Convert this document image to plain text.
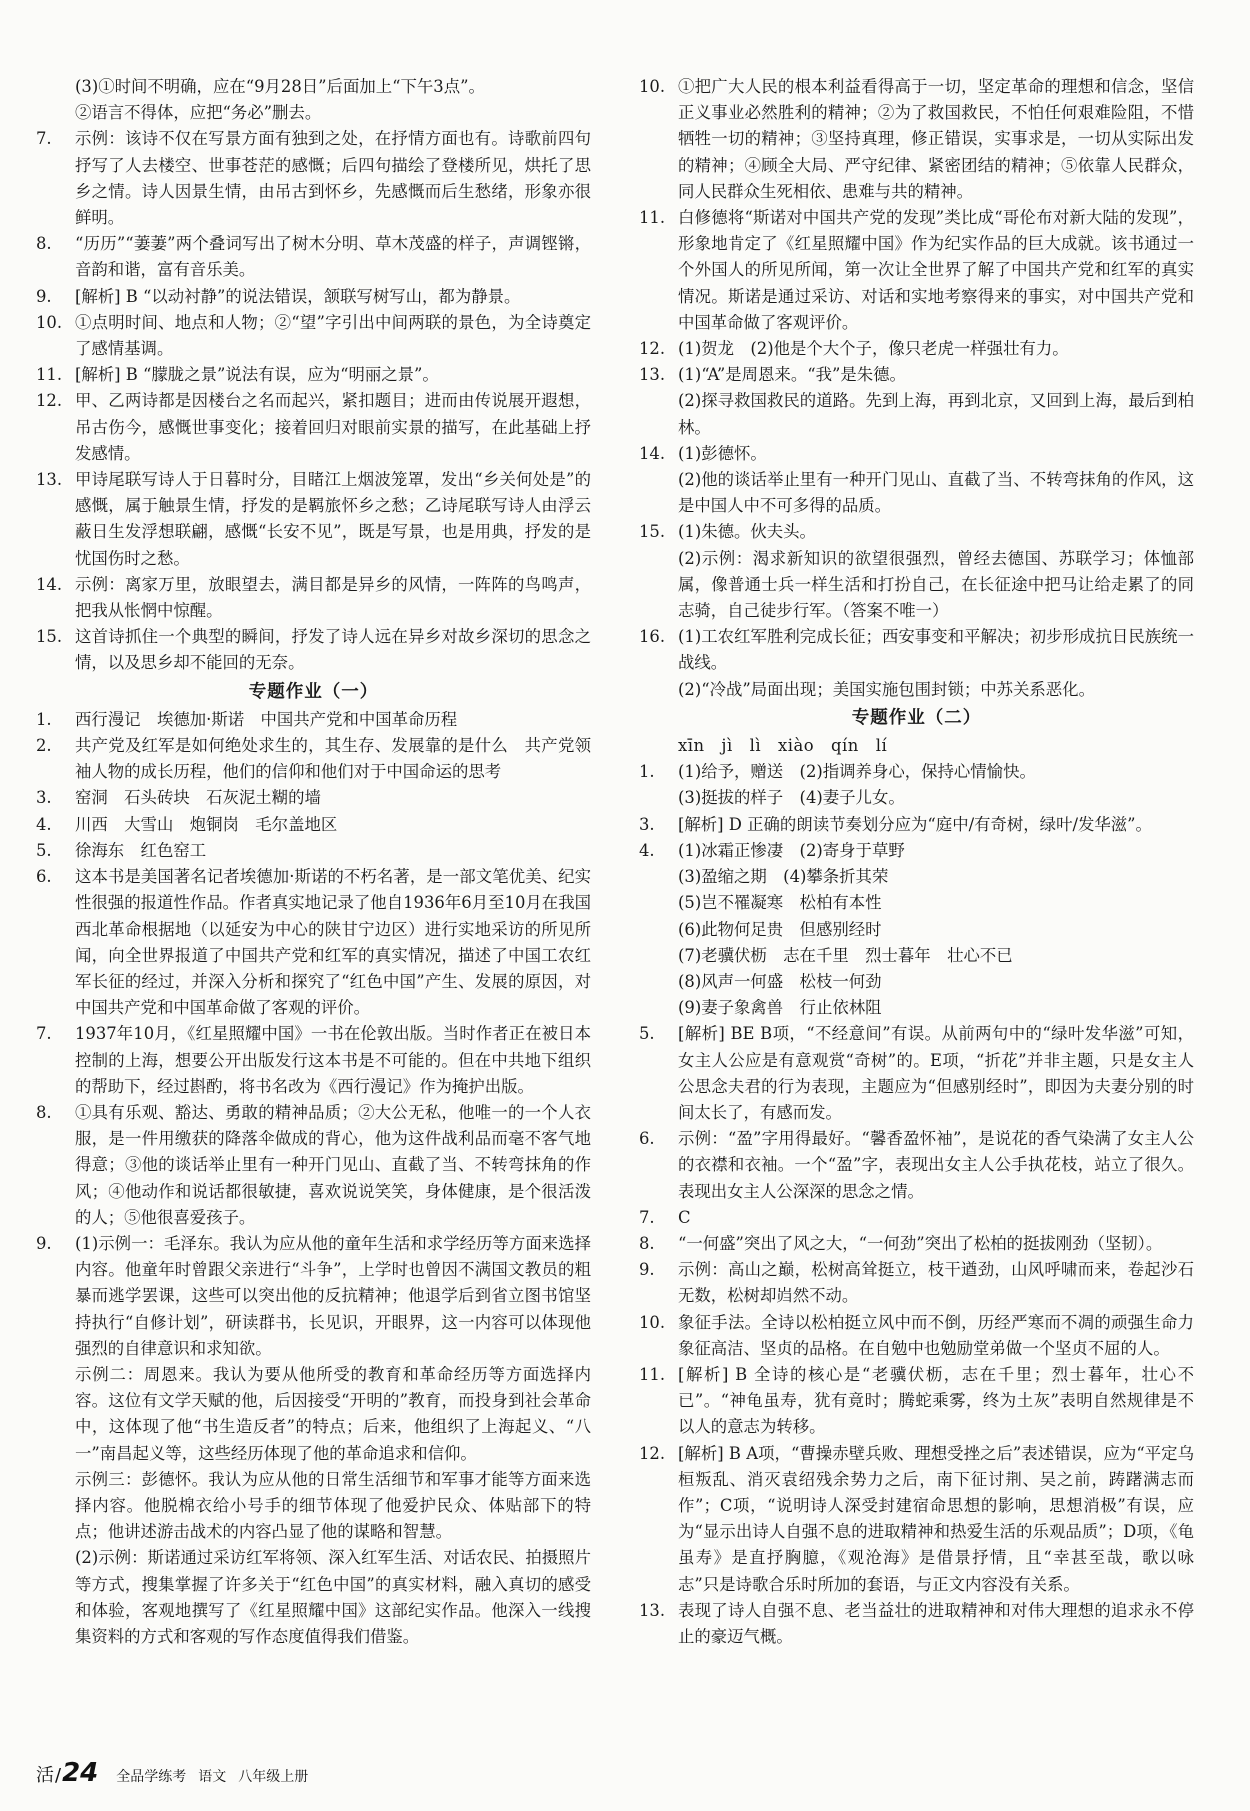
(3)①时间不明确，应在“9月28日”后面加上“下午3点”。
②语言不得体，应把“务必”删去。
7.	示例：该诗不仅在写景方面有独到之处，在抒情方面也有。诗歌前四句抒写了人去楼空、世事苍茫的感慨；后四句描绘了登楼所见，烘托了思乡之情。诗人因景生情，由吊古到怀乡，先感慨而后生愁绪，形象亦很鲜明。
8.	“历历”“萋萋”两个叠词写出了树木分明、草木茂盛的样子，声调铿锵，音韵和谐，富有音乐美。
9.	[解析] B “以动衬静”的说法错误，颔联写树写山，都为静景。
10. ①点明时间、地点和人物；②“望”字引出中间两联的景色，为全诗奠定了感情基调。
11. [解析] B “朦胧之景”说法有误，应为“明丽之景”。
12. 甲、乙两诗都是因楼台之名而起兴，紧扣题目；进而由传说展开遐想，吊古伤今，感慨世事变化；接着回归对眼前实景的描写，在此基础上抒发感情。
13. 甲诗尾联写诗人于日暮时分，目睹江上烟波笼罩，发出“乡关何处是”的感慨，属于触景生情，抒发的是羁旅怀乡之愁；乙诗尾联写诗人由浮云蔽日生发浮想联翩，感慨“长安不见”，既是写景，也是用典，抒发的是忧国伤时之愁。
14. 示例：离家万里，放眼望去，满目都是异乡的风情，一阵阵的鸟鸣声，把我从怅惘中惊醒。
15. 这首诗抓住一个典型的瞬间，抒发了诗人远在异乡对故乡深切的思念之情，以及思乡却不能回的无奈。
专题作业（一）
1.	西行漫记　埃德加·斯诺　中国共产党和中国革命历程
2.	共产党及红军是如何绝处求生的，其生存、发展靠的是什么　共产党领袖人物的成长历程，他们的信仰和他们对于中国命运的思考
3.	窑洞　石头砖块　石灰泥土糊的墙
4.	川西　大雪山　炮铜岗　毛尔盖地区
5.	徐海东　红色窑工
6.	这本书是美国著名记者埃德加·斯诺的不朽名著，是一部文笔优美、纪实性很强的报道性作品。作者真实地记录了他自1936年6月至10月在我国西北革命根据地（以延安为中心的陕甘宁边区）进行实地采访的所见所闻，向全世界报道了中国共产党和红军的真实情况，描述了中国工农红军长征的经过，并深入分析和探究了“红色中国”产生、发展的原因，对中国共产党和中国革命做了客观的评价。
7.	1937年10月，《红星照耀中国》一书在伦敦出版。当时作者正在被日本控制的上海，想要公开出版发行这本书是不可能的。但在中共地下组织的帮助下，经过斟酌，将书名改为《西行漫记》作为掩护出版。
8.	①具有乐观、豁达、勇敢的精神品质；②大公无私，他唯一的一个人衣服，是一件用缴获的降落伞做成的背心，他为这件战利品而毫不客气地得意；③他的谈话举止里有一种开门见山、直截了当、不转弯抹角的作风；④他动作和说话都很敏捷，喜欢说说笑笑，身体健康，是个很活泼的人；⑤他很喜爱孩子。
9.	(1)示例一：毛泽东。我认为应从他的童年生活和求学经历等方面来选择内容。他童年时曾跟父亲进行“斗争”，上学时也曾因不满国文教员的粗暴而逃学罢课，这些可以突出他的反抗精神；他退学后到省立图书馆坚持执行“自修计划”，研读群书，长见识，开眼界，这一内容可以体现他强烈的自律意识和求知欲。
示例二：周恩来。我认为要从他所受的教育和革命经历等方面选择内容。这位有文学天赋的他，后因接受“开明的”教育，而投身到社会革命中，这体现了他“书生造反者”的特点；后来，他组织了上海起义、“八一”南昌起义等，这些经历体现了他的革命追求和信仰。
示例三：彭德怀。我认为应从他的日常生活细节和军事才能等方面来选择内容。他脱棉衣给小号手的细节体现了他爱护民众、体贴部下的特点；他讲述游击战术的内容凸显了他的谋略和智慧。
(2)示例：斯诺通过采访红军将领、深入红军生活、对话农民、拍摄照片等方式，搜集掌握了许多关于“红色中国”的真实材料，融入真切的感受和体验，客观地撰写了《红星照耀中国》这部纪实作品。他深入一线搜集资料的方式和客观的写作态度值得我们借鉴。
10. ①把广大人民的根本利益看得高于一切，坚定革命的理想和信念，坚信正义事业必然胜利的精神；②为了救国救民，不怕任何艰难险阻，不惜牺牲一切的精神；③坚持真理，修正错误，实事求是，一切从实际出发的精神；④顾全大局、严守纪律、紧密团结的精神；⑤依靠人民群众，同人民群众生死相依、患难与共的精神。
11. 白修德将“斯诺对中国共产党的发现”类比成“哥伦布对新大陆的发现”，形象地肯定了《红星照耀中国》作为纪实作品的巨大成就。该书通过一个外国人的所见所闻，第一次让全世界了解了中国共产党和红军的真实情况。斯诺是通过采访、对话和实地考察得来的事实，对中国共产党和中国革命做了客观评价。
12. (1)贺龙　(2)他是个大个子，像只老虎一样强壮有力。
13. (1)“A”是周恩来。“我”是朱德。
(2)探寻救国救民的道路。先到上海，再到北京，又回到上海，最后到柏林。
14. (1)彭德怀。
(2)他的谈话举止里有一种开门见山、直截了当、不转弯抹角的作风，这是中国人中不可多得的品质。
15. (1)朱德。伙夫头。
(2)示例：渴求新知识的欲望很强烈，曾经去德国、苏联学习；体恤部属，像普通士兵一样生活和打扮自己，在长征途中把马让给走累了的同志骑，自己徒步行军。（答案不唯一）
16. (1)工农红军胜利完成长征；西安事变和平解决；初步形成抗日民族统一战线。
(2)“冷战”局面出现；美国实施包围封锁；中苏关系恶化。
专题作业（二）
xīn　jì　lì　xiào　qín　lí
1.	(1)给予，赠送　(2)指调养身心，保持心情愉快。
(3)挺拔的样子　(4)妻子儿女。
3.	[解析] D 正确的朗读节奏划分应为“庭中/有奇树，绿叶/发华滋”。
4.	(1)冰霜正惨凄　(2)寄身于草野
(3)盈缩之期　(4)攀条折其荣
(5)岂不罹凝寒　松柏有本性
(6)此物何足贵　但感别经时
(7)老骥伏枥　志在千里　烈士暮年　壮心不已
(8)风声一何盛　松枝一何劲
(9)妻子象禽兽　行止依林阻
5.	[解析] BE B项，“不经意间”有误。从前两句中的“绿叶发华滋”可知，女主人公应是有意观赏“奇树”的。E项，“折花”并非主题，只是女主人公思念夫君的行为表现，主题应为“但感别经时”，即因为夫妻分别的时间太长了，有感而发。
6.	示例：“盈”字用得最好。“馨香盈怀袖”，是说花的香气染满了女主人公的衣襟和衣袖。一个“盈”字，表现出女主人公手执花枝，站立了很久。表现出女主人公深深的思念之情。
7.	C
8.	“一何盛”突出了风之大，“一何劲”突出了松柏的挺拔刚劲（坚韧）。
9.	示例：高山之巅，松树高耸挺立，枝干遒劲，山风呼啸而来，卷起沙石无数，松树却岿然不动。
10. 象征手法。全诗以松柏挺立风中而不倒，历经严寒而不凋的顽强生命力象征高洁、坚贞的品格。在自勉中也勉励堂弟做一个坚贞不屈的人。
11. [解析] B 全诗的核心是“老骥伏枥，志在千里；烈士暮年，壮心不已”。“神龟虽寿，犹有竟时；腾蛇乘雾，终为土灰”表明自然规律是不以人的意志为转移。
12. [解析] B A项，“曹操赤壁兵败、理想受挫之后”表述错误，应为“平定乌桓叛乱、消灭袁绍残余势力之后，南下征讨荆、吴之前，踌躇满志而作”；C项，“说明诗人深受封建宿命思想的影响，思想消极”有误，应为“显示出诗人自强不息的进取精神和热爱生活的乐观品质”；D项，《龟虽寿》是直抒胸臆，《观沧海》是借景抒情，且“幸甚至哉，歌以咏志”只是诗歌合乐时所加的套语，与正文内容没有关系。
13. 表现了诗人自强不息、老当益壮的进取精神和对伟大理想的追求永不停止的豪迈气概。
活 / 24 全品学练考 语文 八年级上册
